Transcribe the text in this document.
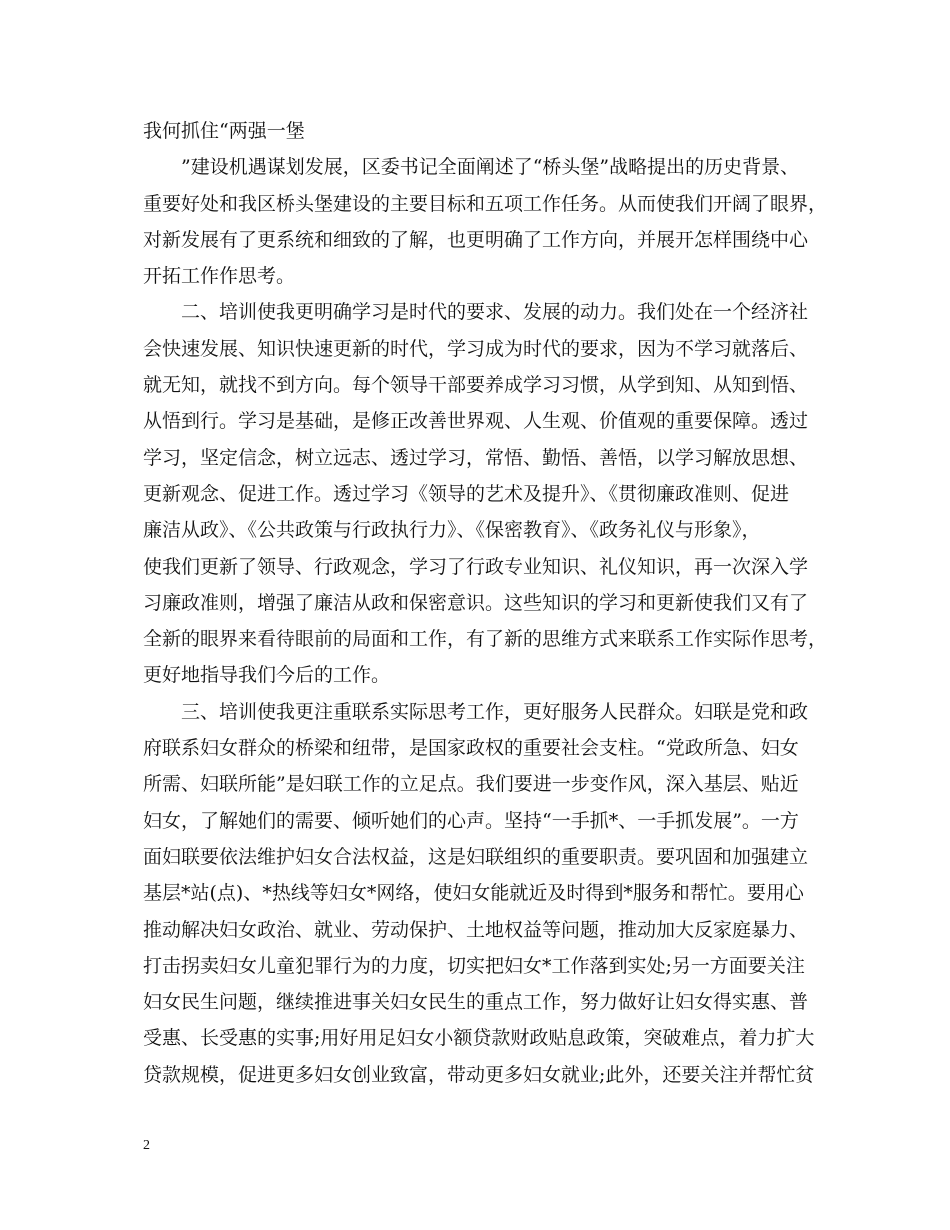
我何抓住“两强一堡
”建设机遇谋划发展，区委书记全面阐述了“桥头堡”战略提出的历史背景、
重要好处和我区桥头堡建设的主要目标和五项工作任务。从而使我们开阔了眼界，
对新发展有了更系统和细致的了解，也更明确了工作方向，并展开怎样围绕中心
开拓工作作思考。
二、培训使我更明确学习是时代的要求、发展的动力。我们处在一个经济社
会快速发展、知识快速更新的时代，学习成为时代的要求，因为不学习就落后、
就无知，就找不到方向。每个领导干部要养成学习习惯，从学到知、从知到悟、
从悟到行。学习是基础，是修正改善世界观、人生观、价值观的重要保障。透过
学习，坚定信念，树立远志、透过学习，常悟、勤悟、善悟，以学习解放思想、
更新观念、促进工作。透过学习《领导的艺术及提升》、《贯彻廉政准则、促进
廉洁从政》、《公共政策与行政执行力》、《保密教育》、《政务礼仪与形象》，
使我们更新了领导、行政观念，学习了行政专业知识、礼仪知识，再一次深入学
习廉政准则，增强了廉洁从政和保密意识。这些知识的学习和更新使我们又有了
全新的眼界来看待眼前的局面和工作，有了新的思维方式来联系工作实际作思考，
更好地指导我们今后的工作。
三、培训使我更注重联系实际思考工作，更好服务人民群众。妇联是党和政
府联系妇女群众的桥梁和纽带，是国家政权的重要社会支柱。“党政所急、妇女
所需、妇联所能”是妇联工作的立足点。我们要进一步变作风，深入基层、贴近
妇女，了解她们的需要、倾听她们的心声。坚持“一手抓*、一手抓发展”。一方
面妇联要依法维护妇女合法权益，这是妇联组织的重要职责。要巩固和加强建立
基层*站(点)、*热线等妇女*网络，使妇女能就近及时得到*服务和帮忙。要用心
推动解决妇女政治、就业、劳动保护、土地权益等问题，推动加大反家庭暴力、
打击拐卖妇女儿童犯罪行为的力度，切实把妇女*工作落到实处;另一方面要关注
妇女民生问题，继续推进事关妇女民生的重点工作，努力做好让妇女得实惠、普
受惠、长受惠的实事;用好用足妇女小额贷款财政贴息政策，突破难点，着力扩大
贷款规模，促进更多妇女创业致富，带动更多妇女就业;此外，还要关注并帮忙贫
2
